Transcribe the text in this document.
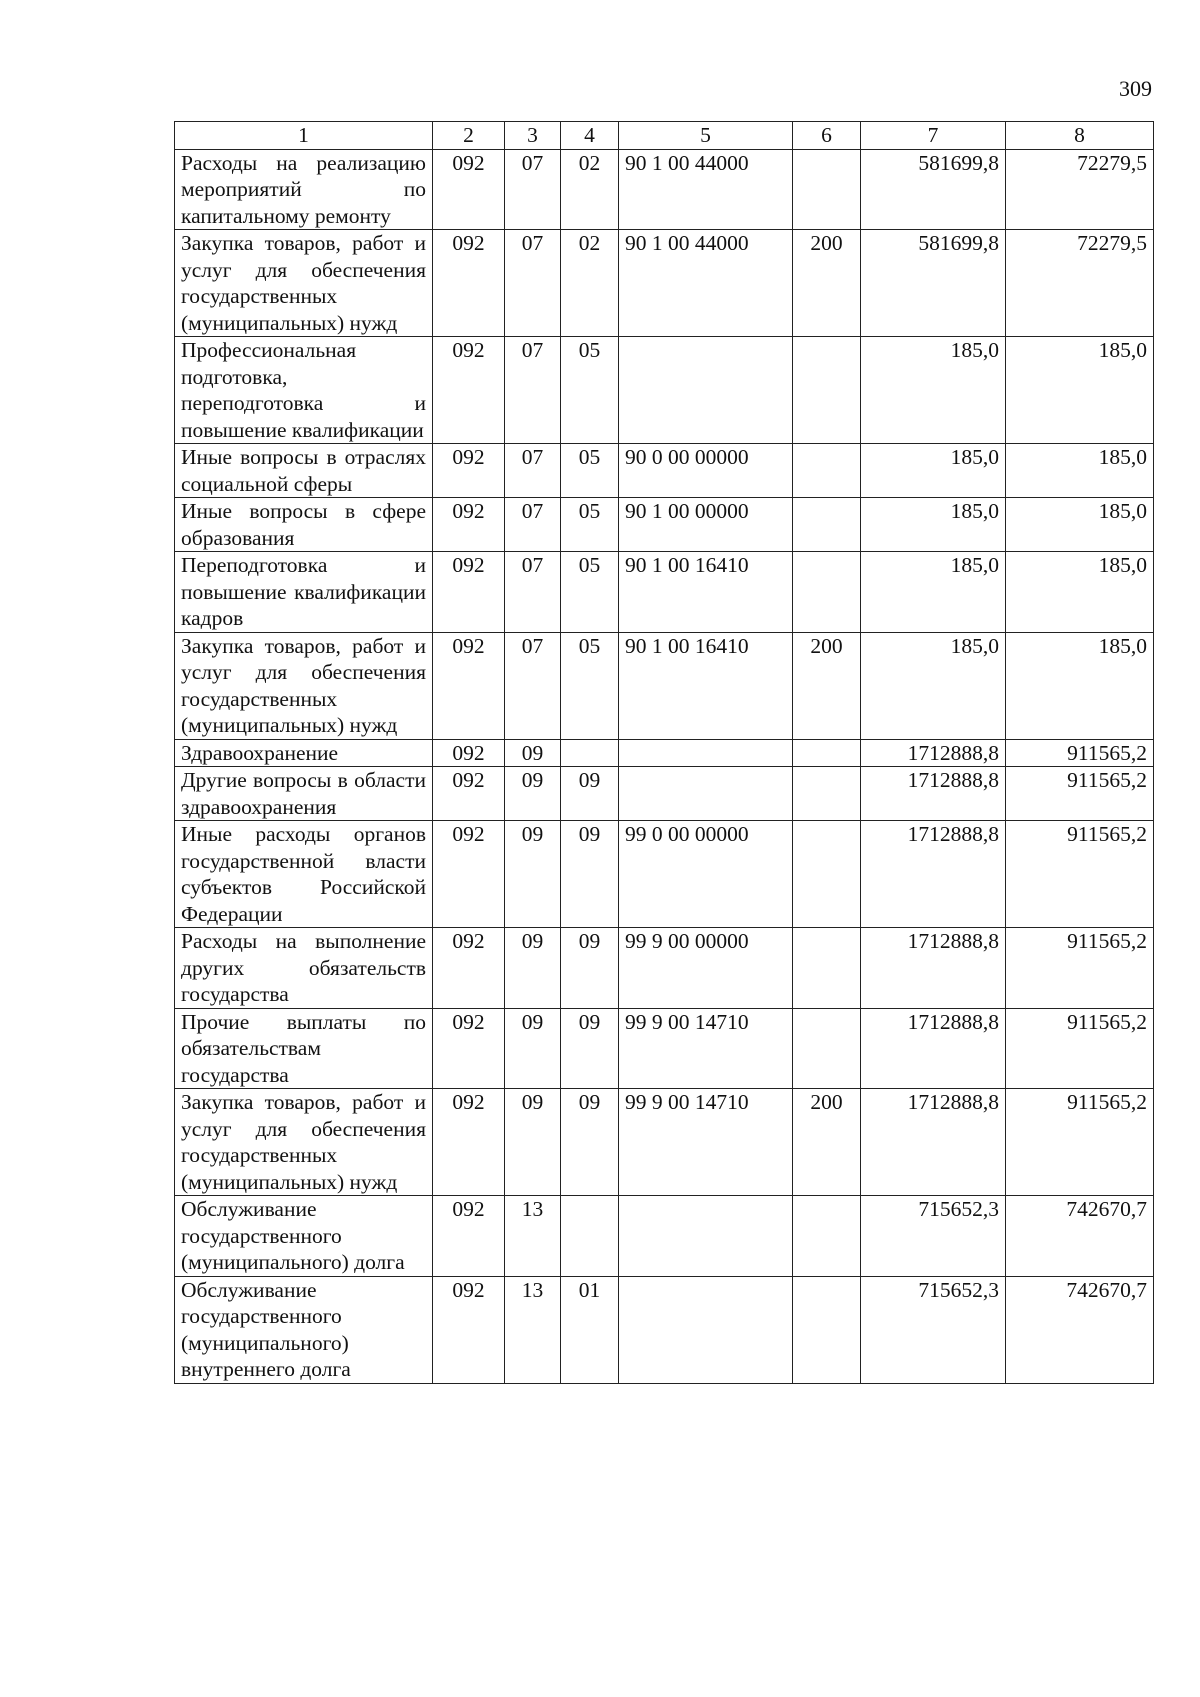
309
1	2	3	4	5	6	7	8
Расходы на реализацию мероприятий по капитальному ремонту	092	07	02	90 1 00 44000		581699,8	72279,5
Закупка товаров, работ и услуг для обеспечения государственных (муниципальных) нужд	092	07	02	90 1 00 44000	200	581699,8	72279,5
Профессиональная подготовка, переподготовка и повышение квалификации	092	07	05			185,0	185,0
Иные вопросы в отраслях социальной сферы	092	07	05	90 0 00 00000		185,0	185,0
Иные вопросы в сфере образования	092	07	05	90 1 00 00000		185,0	185,0
Переподготовка и повышение квалификации кадров	092	07	05	90 1 00 16410		185,0	185,0
Закупка товаров, работ и услуг для обеспечения государственных (муниципальных) нужд	092	07	05	90 1 00 16410	200	185,0	185,0
Здравоохранение	092	09				1712888,8	911565,2
Другие вопросы в области здравоохранения	092	09	09			1712888,8	911565,2
Иные расходы органов государственной власти субъектов Российской Федерации	092	09	09	99 0 00 00000		1712888,8	911565,2
Расходы на выполнение других обязательств государства	092	09	09	99 9 00 00000		1712888,8	911565,2
Прочие выплаты по обязательствам государства	092	09	09	99 9 00 14710		1712888,8	911565,2
Закупка товаров, работ и услуг для обеспечения государственных (муниципальных) нужд	092	09	09	99 9 00 14710	200	1712888,8	911565,2
Обслуживание государственного (муниципального) долга	092	13				715652,3	742670,7
Обслуживание государственного (муниципального) внутреннего долга	092	13	01			715652,3	742670,7
